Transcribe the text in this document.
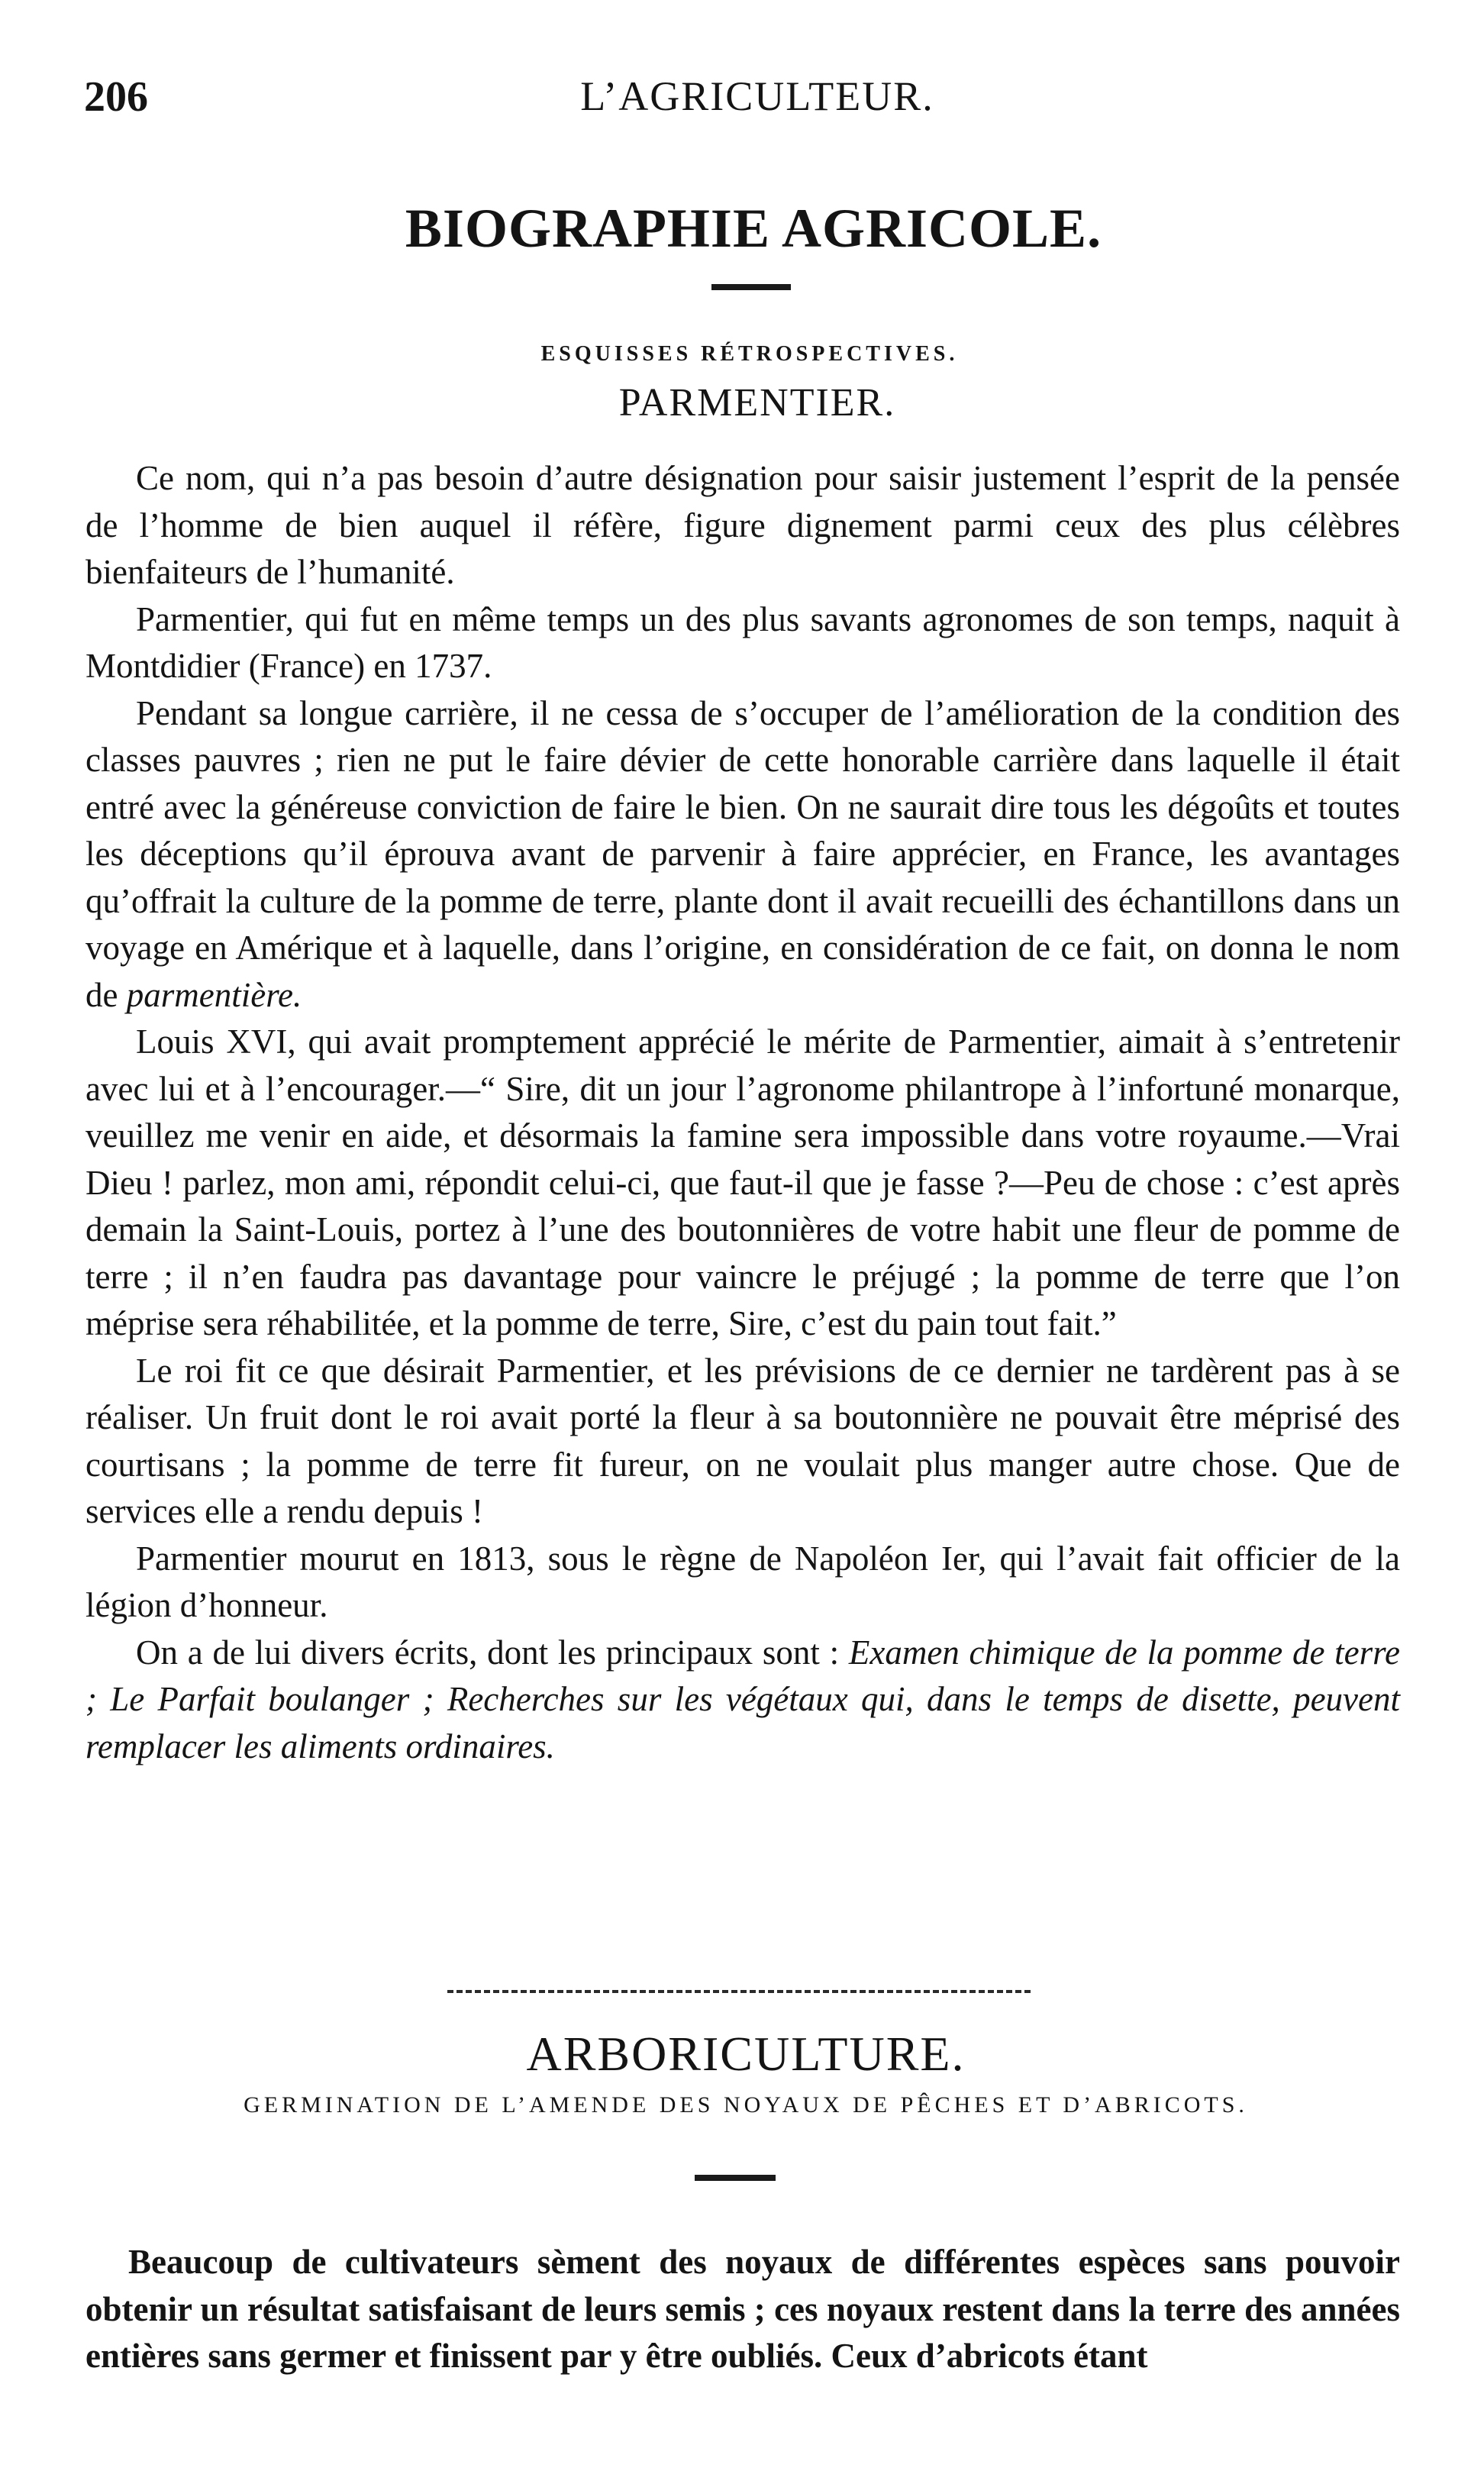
206	L’AGRICULTEUR.
BIOGRAPHIE AGRICOLE.
ESQUISSES RÉTROSPECTIVES.
PARMENTIER.

Ce nom, qui n’a pas besoin d’autre désignation pour saisir justement l’esprit de la pensée de l’homme de bien auquel il réfère, figure dignement parmi ceux des plus célèbres bienfaiteurs de l’humanité.

Parmentier, qui fut en même temps un des plus savants agronomes de son temps, naquit à Montdidier (France) en 1737.

Pendant sa longue carrière, il ne cessa de s’occuper de l’amélioration de la condition des classes pauvres ; rien ne put le faire dévier de cette honorable carrière dans laquelle il était entré avec la généreuse conviction de faire le bien. On ne saurait dire tous les dégoûts et toutes les déceptions qu’il éprouva avant de parvenir à faire apprécier, en France, les avantages qu’offrait la culture de la pomme de terre, plante dont il avait recueilli des échantillons dans un voyage en Amérique et à laquelle, dans l’origine, en considération de ce fait, on donna le nom de parmentière.

Louis XVI, qui avait promptement apprécié le mérite de Parmentier, aimait à s’entretenir avec lui et à l’encourager.—“ Sire, dit un jour l’agronome philantrope à l’infortuné monarque, veuillez me venir en aide, et désormais la famine sera impossible dans votre royaume.—Vrai Dieu ! parlez, mon ami, répondit celui-ci, que faut-il que je fasse ?—Peu de chose : c’est après demain la Saint-Louis, portez à l’une des boutonnières de votre habit une fleur de pomme de terre ; il n’en faudra pas davantage pour vaincre le préjugé ; la pomme de terre que l’on méprise sera réhabilitée, et la pomme de terre, Sire, c’est du pain tout fait.”

Le roi fit ce que désirait Parmentier, et les prévisions de ce dernier ne tardèrent pas à se réaliser. Un fruit dont le roi avait porté la fleur à sa boutonnière ne pouvait être méprisé des courtisans ; la pomme de terre fit fureur, on ne voulait plus manger autre chose. Que de services elle a rendu depuis !

Parmentier mourut en 1813, sous le règne de Napoléon Ier, qui l’avait fait officier de la légion d’honneur.

On a de lui divers écrits, dont les principaux sont : Examen chimique de la pomme de terre ; Le Parfait boulanger ; Recherches sur les végétaux qui, dans le temps de disette, peuvent remplacer les aliments ordinaires.

ARBORICULTURE.
GERMINATION DE L’AMENDE DES NOYAUX DE PÊCHES ET D’ABRICOTS.

Beaucoup de cultivateurs sèment des noyaux de différentes espèces sans pouvoir obtenir un résultat satisfaisant de leurs semis ; ces noyaux restent dans la terre des années entières sans germer et finissent par y être oubliés. Ceux d’abricots étant
